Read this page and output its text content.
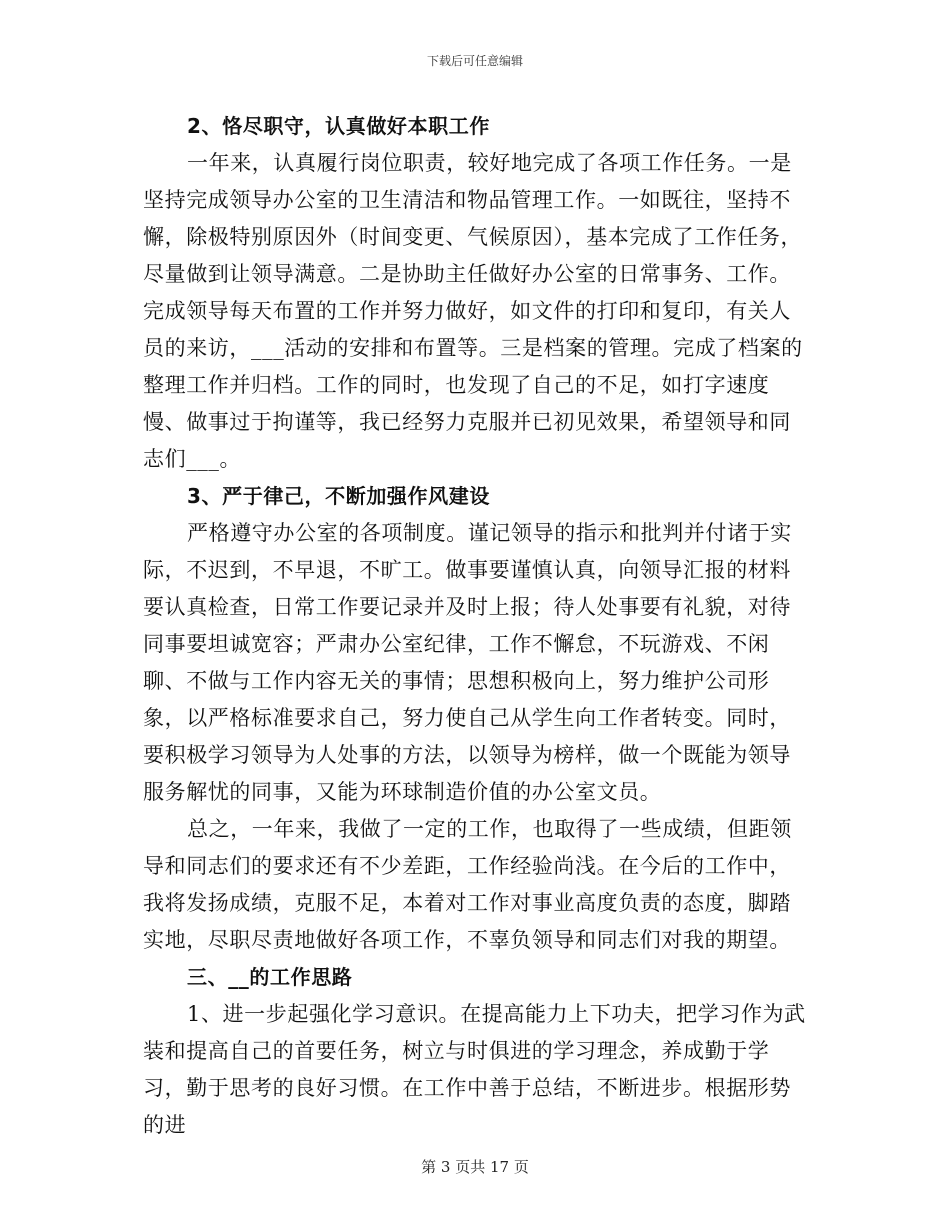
下载后可任意编辑

2、恪尽职守，认真做好本职工作

一年来，认真履行岗位职责，较好地完成了各项工作任务。一是坚持完成领导办公室的卫生清洁和物品管理工作。一如既往，坚持不懈，除极特别原因外（时间变更、气候原因），基本完成了工作任务，尽量做到让领导满意。二是协助主任做好办公室的日常事务、工作。完成领导每天布置的工作并努力做好，如文件的打印和复印，有关人员的来访，___活动的安排和布置等。三是档案的管理。完成了档案的整理工作并归档。工作的同时，也发现了自己的不足，如打字速度慢、做事过于拘谨等，我已经努力克服并已初见效果，希望领导和同志们___。

3、严于律己，不断加强作风建设

严格遵守办公室的各项制度。谨记领导的指示和批判并付诸于实际，不迟到，不早退，不旷工。做事要谨慎认真，向领导汇报的材料要认真检查，日常工作要记录并及时上报；待人处事要有礼貌，对待同事要坦诚宽容；严肃办公室纪律，工作不懈怠，不玩游戏、不闲聊、不做与工作内容无关的事情；思想积极向上，努力维护公司形象，以严格标准要求自己，努力使自己从学生向工作者转变。同时，要积极学习领导为人处事的方法，以领导为榜样，做一个既能为领导服务解忧的同事，又能为环球制造价值的办公室文员。

总之，一年来，我做了一定的工作，也取得了一些成绩，但距领导和同志们的要求还有不少差距，工作经验尚浅。在今后的工作中，我将发扬成绩，克服不足，本着对工作对事业高度负责的态度，脚踏实地，尽职尽责地做好各项工作，不辜负领导和同志们对我的期望。

三、__的工作思路

1、进一步起强化学习意识。在提高能力上下功夫，把学习作为武装和提高自己的首要任务，树立与时俱进的学习理念，养成勤于学习，勤于思考的良好习惯。在工作中善于总结，不断进步。根据形势的进

第 3 页共 17 页
